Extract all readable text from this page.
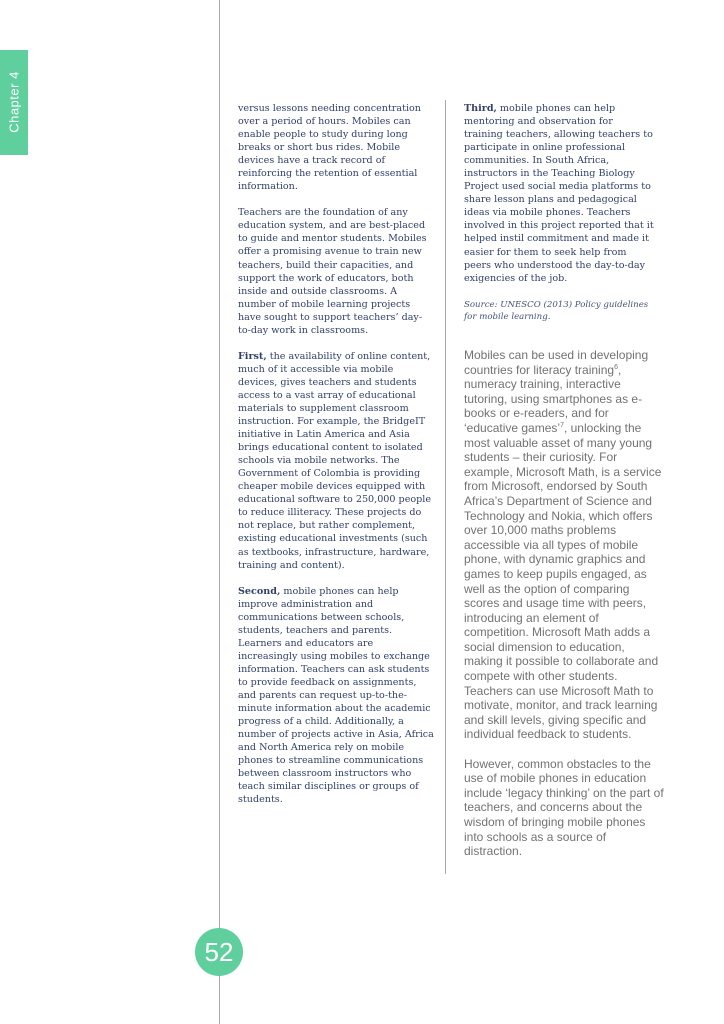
Chapter 4	versus lessons needing concentration over a period of hours. Mobiles can enable people to study during long breaks or short bus rides. Mobile devices have a track record of reinforcing the retention of essential information.

Teachers are the foundation of any education system, and are best-placed to guide and mentor students. Mobiles offer a promising avenue to train new teachers, build their capacities, and support the work of educators, both inside and outside classrooms. A number of mobile learning projects have sought to support teachers’ day-to-day work in classrooms.

First, the availability of online content, much of it accessible via mobile devices, gives teachers and students access to a vast array of educational materials to supplement classroom instruction. For example, the BridgeIT initiative in Latin America and Asia brings educational content to isolated schools via mobile networks. The Government of Colombia is providing cheaper mobile devices equipped with educational software to 250,000 people to reduce illiteracy. These projects do not replace, but rather complement, existing educational investments (such as textbooks, infrastructure, hardware, training and content).

Second, mobile phones can help improve administration and communications between schools, students, teachers and parents. Learners and educators are increasingly using mobiles to exchange information. Teachers can ask students to provide feedback on assignments, and parents can request up-to-the-minute information about the academic progress of a child. Additionally, a number of projects active in Asia, Africa and North America rely on mobile phones to streamline communications between classroom instructors who teach similar disciplines or groups of students.

Third, mobile phones can help mentoring and observation for training teachers, allowing teachers to participate in online professional communities. In South Africa, instructors in the Teaching Biology Project used social media platforms to share lesson plans and pedagogical ideas via mobile phones. Teachers involved in this project reported that it helped instil commitment and made it easier for them to seek help from peers who understood the day-to-day exigencies of the job.

Source: UNESCO (2013) Policy guidelines for mobile learning.

Mobiles can be used in developing countries for literacy training$^6$, numeracy training, interactive tutoring, using smartphones as e-books or e-readers, and for ‘educative games’$^7$, unlocking the most valuable asset of many young students – their curiosity. For example, Microsoft Math, is a service from Microsoft, endorsed by South Africa’s Department of Science and Technology and Nokia, which offers over 10,000 maths problems accessible via all types of mobile phone, with dynamic graphics and games to keep pupils engaged, as well as the option of comparing scores and usage time with peers, introducing an element of competition. Microsoft Math adds a social dimension to education, making it possible to collaborate and compete with other students. Teachers can use Microsoft Math to motivate, monitor, and track learning and skill levels, giving specific and individual feedback to students.

However, common obstacles to the use of mobile phones in education include ‘legacy thinking’ on the part of teachers, and concerns about the wisdom of bringing mobile phones into schools as a source of distraction.

52
